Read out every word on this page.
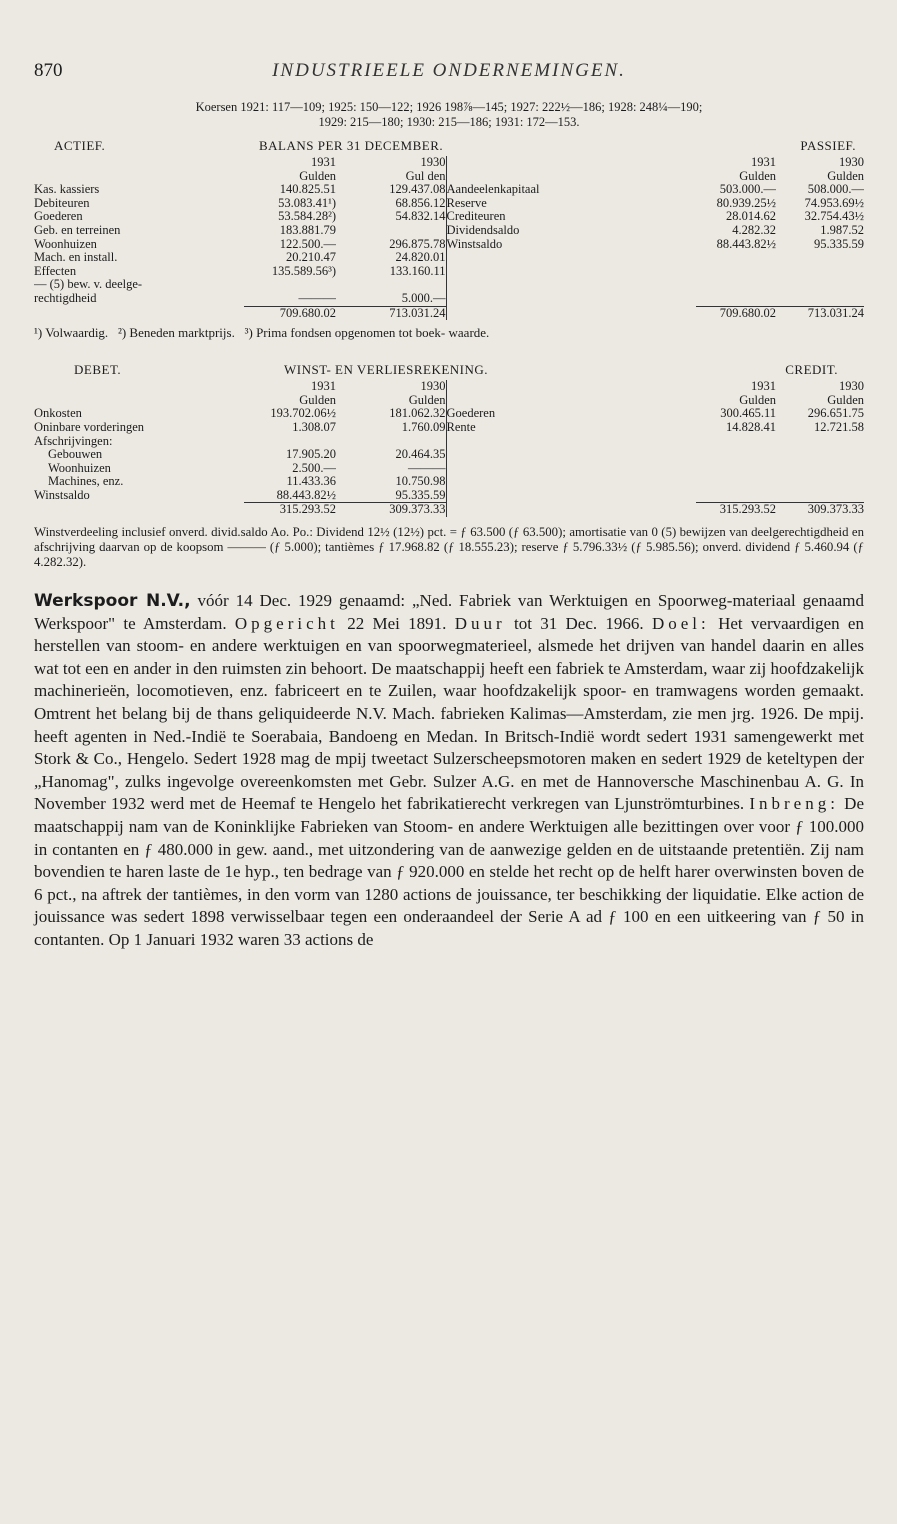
870	INDUSTRIEELE ONDERNEMINGEN.
Koersen 1921: 117—109; 1925: 150—122; 1926 198⅞—145; 1927: 222½—186; 1928: 248¼—190;
1929: 215—180; 1930: 215—186; 1931: 172—153.
ACTIEF.	BALANS PER 31 DECEMBER.	PASSIEF.
	1931	1930		1931	1930
	Gulden	Gul den		Gulden	Gulden
Kas. kassiers	140.825.51	129.437.08	Aandeelenkapitaal	503.000.—	508.000.—
Debiteuren	53.083.41¹)	68.856.12	Reserve	80.939.25½	74.953.69½
Goederen	53.584.28²)	54.832.14	Crediteuren	28.014.62	32.754.43½
Geb. en terreinen	183.881.79		Dividendsaldo	4.282.32	1.987.52
Woonhuizen	122.500.—	296.875.78	Winstsaldo	88.443.82½	95.335.59
Mach. en install.	20.210.47	24.820.01			
Effecten	135.589.56³)	133.160.11			
— (5) bew. v. deelge-					
rechtigdheid	———	5.000.—			
	709.680.02	713.031.24		709.680.02	713.031.24
¹) Volwaardig. ²) Beneden marktprijs. ³) Prima fondsen opgenomen tot boek- waarde.
DEBET.	WINST- EN VERLIESREKENING.	CREDIT.
	1931	1930		1931	1930
	Gulden	Gulden		Gulden	Gulden
Onkosten	193.702.06½	181.062.32	Goederen	300.465.11	296.651.75
Oninbare vorderingen	1.308.07	1.760.09	Rente	14.828.41	12.721.58
Afschrijvingen:					
Gebouwen	17.905.20	20.464.35			
Woonhuizen	2.500.—	———			
Machines, enz.	11.433.36	10.750.98			
Winstsaldo	88.443.82½	95.335.59			
	315.293.52	309.373.33		315.293.52	309.373.33
Winstverdeeling inclusief onverd. divid.saldo Ao. Po.: Dividend 12½ (12½) pct. = ƒ 63.500 (ƒ 63.500); amortisatie van 0 (5) bewijzen van deelgerechtigdheid en afschrijving daarvan op de koopsom ——— (ƒ 5.000); tantièmes ƒ 17.968.82 (ƒ 18.555.23); reserve ƒ 5.796.33½ (ƒ 5.985.56); onverd. dividend ƒ 5.460.94 (ƒ 4.282.32).
Werkspoor N.V., vóór 14 Dec. 1929 genaamd: „Ned. Fabriek van Werktuigen en Spoorweg-materiaal genaamd Werkspoor" te Amsterdam. Opgericht 22 Mei 1891. Duur tot 31 Dec. 1966. Doel: Het vervaardigen en herstellen van stoom- en andere werktuigen en van spoorwegmaterieel, alsmede het drijven van handel daarin en alles wat tot een en ander in den ruimsten zin behoort. De maatschappij heeft een fabriek te Amsterdam, waar zij hoofdzakelijk machinerieën, locomotieven, enz. fabriceert en te Zuilen, waar hoofdzakelijk spoor- en tramwagens worden gemaakt. Omtrent het belang bij de thans geliquideerde N.V. Mach. fabrieken Kalimas—Amsterdam, zie men jrg. 1926. De mpij. heeft agenten in Ned.-Indië te Soerabaia, Bandoeng en Medan. In Britsch-Indië wordt sedert 1931 samengewerkt met Stork & Co., Hengelo. Sedert 1928 mag de mpij tweetact Sulzerscheepsmotoren maken en sedert 1929 de keteltypen der „Hanomag", zulks ingevolge overeenkomsten met Gebr. Sulzer A.G. en met de Hannoversche Maschinenbau A. G. In November 1932 werd met de Heemaf te Hengelo het fabrikatierecht verkregen van Ljunströmturbines. Inbreng: De maatschappij nam van de Koninklijke Fabrieken van Stoom- en andere Werktuigen alle bezittingen over voor ƒ 100.000 in contanten en ƒ 480.000 in gew. aand., met uitzondering van de aanwezige gelden en de uitstaande pretentiën. Zij nam bovendien te haren laste de 1e hyp., ten bedrage van ƒ 920.000 en stelde het recht op de helft harer overwinsten boven de 6 pct., na aftrek der tantièmes, in den vorm van 1280 actions de jouissance, ter beschikking der liquidatie. Elke action de jouissance was sedert 1898 verwisselbaar tegen een onderaandeel der Serie A ad ƒ 100 en een uitkeering van ƒ 50 in contanten. Op 1 Januari 1932 waren 33 actions de
